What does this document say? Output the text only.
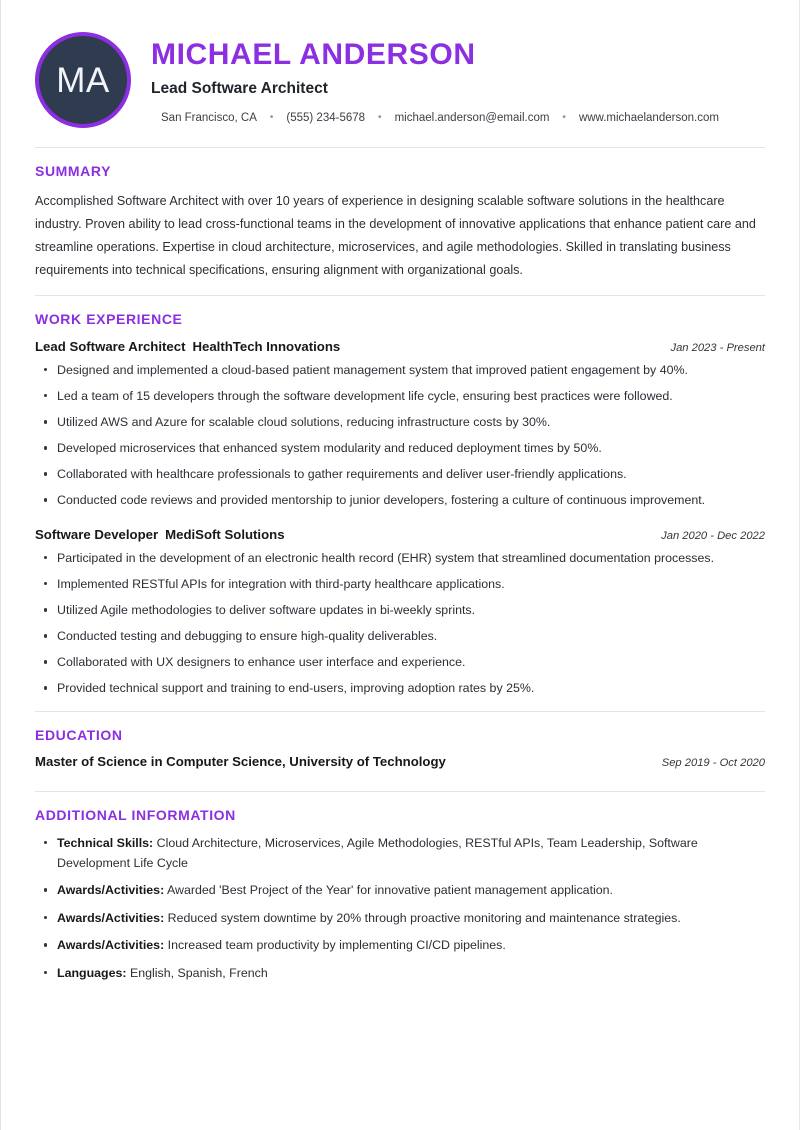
MA
MICHAEL ANDERSON
Lead Software Architect
San Francisco, CA • (555) 234-5678 • michael.anderson@email.com • www.michaelanderson.com
SUMMARY

Accomplished Software Architect with over 10 years of experience in designing scalable software solutions in the healthcare industry. Proven ability to lead cross-functional teams in the development of innovative applications that enhance patient care and streamline operations. Expertise in cloud architecture, microservices, and agile methodologies. Skilled in translating business requirements into technical specifications, ensuring alignment with organizational goals.

WORK EXPERIENCE
Lead Software Architect HealthTech Innovations	Jan 2023 - Present
Designed and implemented a cloud-based patient management system that improved patient engagement by 40%.
Led a team of 15 developers through the software development life cycle, ensuring best practices were followed.
Utilized AWS and Azure for scalable cloud solutions, reducing infrastructure costs by 30%.
Developed microservices that enhanced system modularity and reduced deployment times by 50%.
Collaborated with healthcare professionals to gather requirements and deliver user-friendly applications.
Conducted code reviews and provided mentorship to junior developers, fostering a culture of continuous improvement.
Software Developer MediSoft Solutions	Jan 2020 - Dec 2022
Participated in the development of an electronic health record (EHR) system that streamlined documentation processes.
Implemented RESTful APIs for integration with third-party healthcare applications.
Utilized Agile methodologies to deliver software updates in bi-weekly sprints.
Conducted testing and debugging to ensure high-quality deliverables.
Collaborated with UX designers to enhance user interface and experience.
Provided technical support and training to end-users, improving adoption rates by 25%.
EDUCATION
Master of Science in Computer Science, University of Technology	Sep 2019 - Oct 2020
ADDITIONAL INFORMATION
Technical Skills: Cloud Architecture, Microservices, Agile Methodologies, RESTful APIs, Team Leadership, Software Development Life Cycle
Awards/Activities: Awarded 'Best Project of the Year' for innovative patient management application.
Awards/Activities: Reduced system downtime by 20% through proactive monitoring and maintenance strategies.
Awards/Activities: Increased team productivity by implementing CI/CD pipelines.
Languages: English, Spanish, French
